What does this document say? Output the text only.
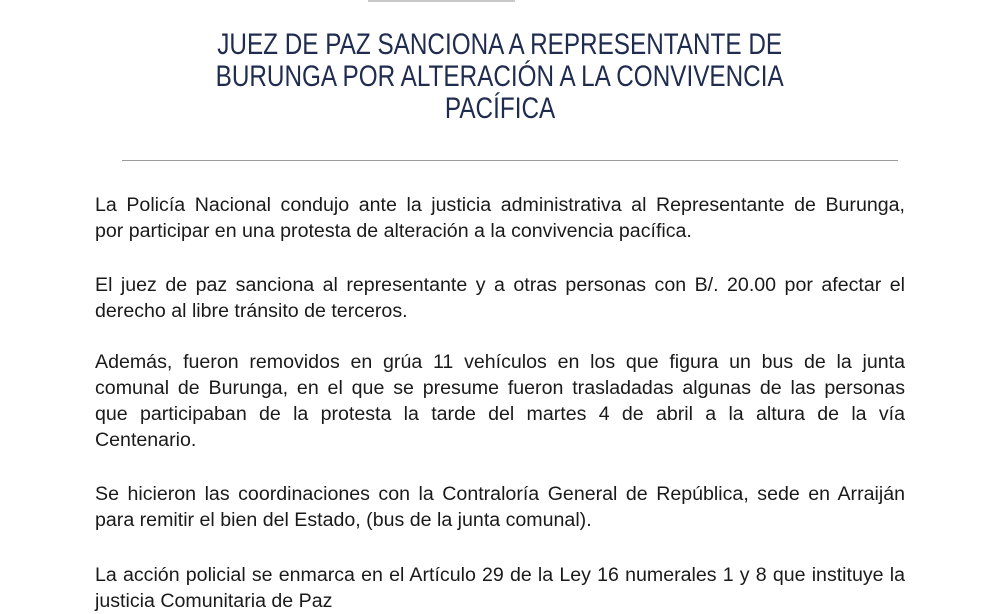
JUEZ DE PAZ SANCIONA A REPRESENTANTE DE
BURUNGA POR ALTERACIÓN A LA CONVIVENCIA
PACÍFICA
La Policía Nacional condujo ante la justicia administrativa al Representante de Burunga,
por participar en una protesta de alteración a la convivencia pacífica.
El juez de paz sanciona al representante y a otras personas con B/. 20.00 por afectar el
derecho al libre tránsito de terceros.
Además, fueron removidos en grúa 11 vehículos en los que figura un bus de la junta
comunal de Burunga, en el que se presume fueron trasladadas algunas de las personas
que participaban de la protesta la tarde del martes 4 de abril a la altura de la vía
Centenario.
Se hicieron las coordinaciones con la Contraloría General de República, sede en Arraiján
para remitir el bien del Estado, (bus de la junta comunal).
La acción policial se enmarca en el Artículo 29 de la Ley 16 numerales 1 y 8 que instituye la
justicia Comunitaria de Paz
